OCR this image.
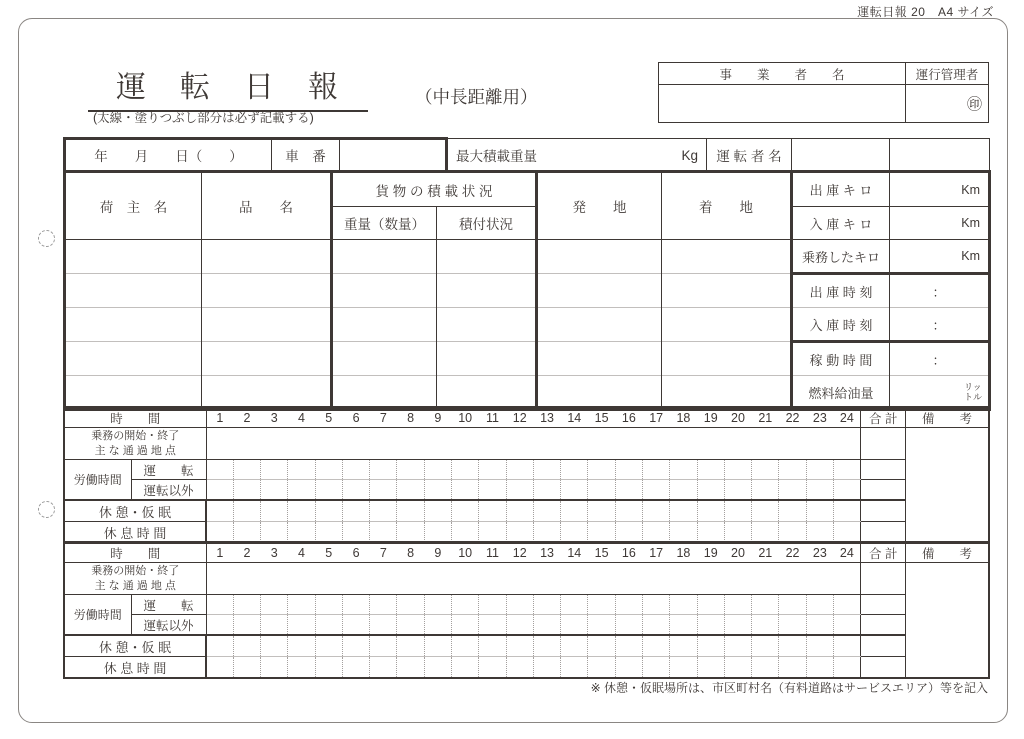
運転日報 20　A4 サイズ
運　転　日　報
(太線・塗りつぶし部分は必ず記載する)
（中長距離用）
事　　業　　者　　名	運行管理者
	㊞
年　　月　　日（　　）	車　番		最大積載重量	Kg	運 転 者 名		
荷　主　名	品　　名	貨 物 の 積 載 状 況		発　　地	着　　地	出 庫 キ ロ	Km
		重量（数量）	積付状況			入 庫 キ ロ	Km
						乗務したキロ	Km
						出 庫 時 刻	：
						入 庫 時 刻	：
						稼 動 時 間	：
						燃料給油量	リットル
時　　間		1	2	3	4	5	6	7	8	9	10	11	12	13	14	15	16	17	18	19	20	21	22	23	24	合 計	備　　考

乗務の開始・終了
主 な 通 過 地 点																											

労働時間	運　　転																										
	運転以外																										
休 憩・仮 眠																											
休 息 時 間																											
時　　間		1	2	3	4	5	6	7	8	9	10	11	12	13	14	15	16	17	18	19	20	21	22	23	24	合 計	備　　考

乗務の開始・終了
主 な 通 過 地 点																											

労働時間	運　　転																										
	運転以外																										
休 憩・仮 眠																											
休 息 時 間																											
※ 休憩・仮眠場所は、市区町村名（有料道路はサービスエリア）等を記入
